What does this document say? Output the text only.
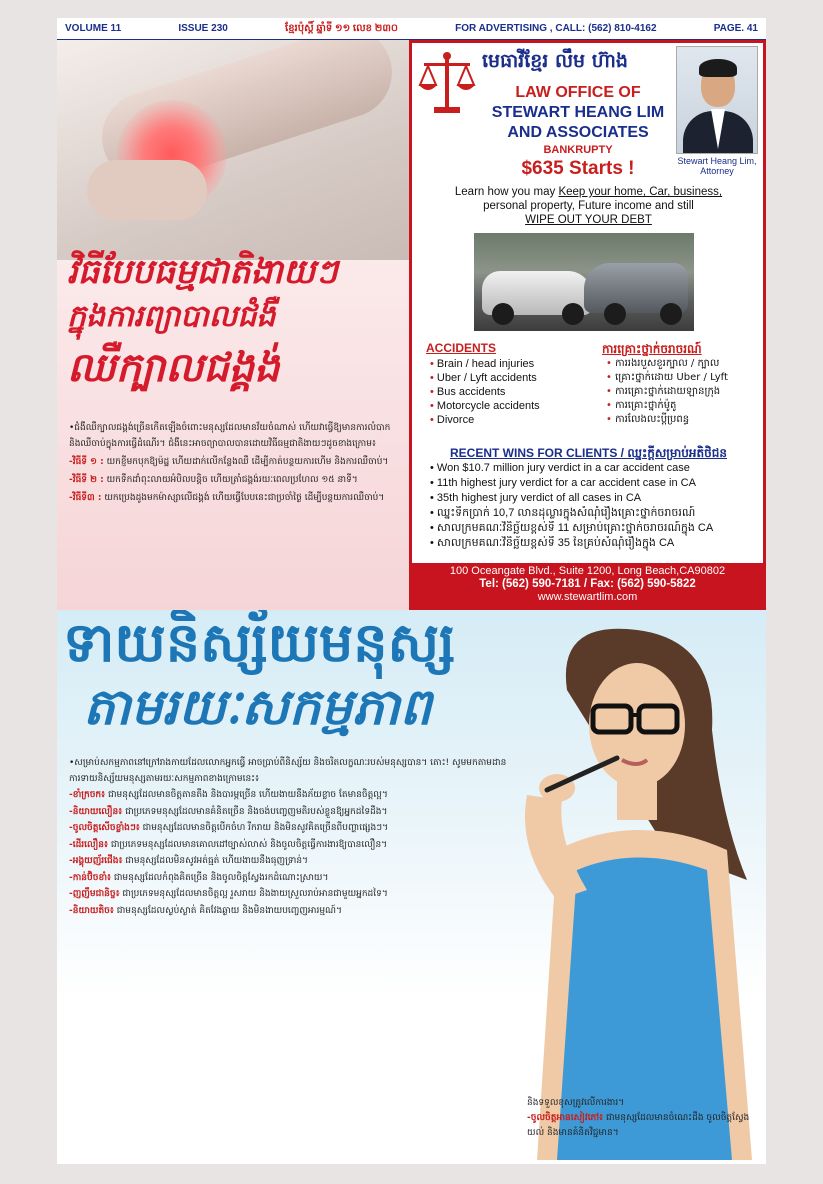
VOLUME 11	ISSUE 230	ខ្មែរប៉ុស្ដិ៍ ឆ្នាំទី ១១ លេខ ២៣០	FOR ADVERTISING , CALL: (562) 810-4162	PAGE. 41
វិធីបែបធម្មជាតិងាយៗ
ក្នុងការព្យាបាលជំងឺ
ឈឺក្បាលជង្គង់

•ជំងឺឈឺក្បាលជង្គង់ច្រើនកើតឡើងចំពោះមនុស្សដែលមានវ័យចំណាស់ ហើយវាធ្វើឱ្យមានការលំបាក និងឈឺចាប់ក្នុងការធ្វើដំណើរ។ ជំងឺនេះអាចព្យាបាលបានដោយវិធីធម្មជាតិងាយៗដូចខាងក្រោម៖

-វិធីទី ១ : យកខ្ញីមកបុកឱ្យម៉ដ្ឋ ហើយដាក់លើកន្លែងឈឺ ដើម្បីកាត់បន្ថយការហើម និងការឈឺចាប់។

-វិធីទី ២ : យកទឹកដាំពុះលាយអំបិលបន្តិច ហើយត្រាំជង្គង់រយៈពេលប្រហែល ១៥ នាទី។

-វិធីទី៣ : យកប្រេងដូងមកម៉ាស្សាលើជង្គង់ ហើយធ្វើបែបនេះជាប្រចាំថ្ងៃ ដើម្បីបន្ថយការឈឺចាប់។

មេធាវីខ្មែរ លឹម ហ៊ាង
LAW OFFICE OF
STEWART HEANG LIM
AND ASSOCIATES
BANKRUPTY
$635 Starts !	Stewart Heang Lim,
Attorney
Learn how you may Keep your home, Car, business,
personal property, Future income and still
WIPE OUT YOUR DEBT
ACCIDENTS
• Brain / head injuries
• Uber / Lyft accidents
• Bus accidents
• Motorcycle accidents
• Divorce
ការគ្រោះថ្នាក់ចរាចរណ៍
• ការរងរបួសខួរក្បាល / ក្បាល
• គ្រោះថ្នាក់ដោយ Uber / Lyft
• ការគ្រោះថ្នាក់ដោយឡានក្រុង
• ការគ្រោះថ្នាក់ម៉ូតូ
• ការលែងលះប្ដីប្រពន្ធ
RECENT WINS FOR CLIENTS / ឈ្នះក្ដីសម្រាប់អតិថិជន
• Won $10.7 million jury verdict in a car accident case
• 11th highest jury verdict for a car accident case in CA
• 35th highest jury verdict of all cases in CA
• ឈ្នះទឹកប្រាក់ 10,7 លានដុល្លារក្នុងសំណុំរឿងគ្រោះថ្នាក់ចរាចរណ៍
• សាលក្រមគណៈវិនិច្ឆ័យខ្ពស់ទី 11 សម្រាប់គ្រោះថ្នាក់ចរាចរណ៍ក្នុង CA
• សាលក្រមគណៈវិនិច្ឆ័យខ្ពស់ទី 35 នៃគ្រប់សំណុំរឿងក្នុង CA
100 Oceangate Blvd., Suite 1200, Long Beach,CA90802
Tel: (562) 590-7181 / Fax: (562) 590-5822
www.stewartlim.com
ទាយនិស្ស័យមនុស្ស
តាមរយៈសកម្មភាព

•សម្រាប់សកម្មភាពនៅក្រៅរាងកាយដែលលោកអ្នកធ្វើ អាចប្រាប់ពីនិស្ស័យ និងចរិតលក្ខណៈរបស់មនុស្សបាន។ តោះ! សូមមកតាមដានការទាយនិស្ស័យមនុស្សតាមរយៈសកម្មភាពខាងក្រោមនេះ៖

-ខាំក្រចក៖ ជាមនុស្សដែលមានចិត្តតានតឹង និងបារម្ភច្រើន ហើយងាយនឹងភ័យខ្លាច តែមានចិត្តល្អ។

-និយាយលឿន៖ ជាប្រភេទមនុស្សដែលមានគំនិតច្រើន និងចង់បញ្ចេញមតិរបស់ខ្លួនឱ្យអ្នកដទៃដឹង។

-ចូលចិត្តសើចខ្លាំងៗ៖ ជាមនុស្សដែលមានចិត្តបើកចំហ រីករាយ និងមិនសូវគិតច្រើនពីបញ្ហាផ្សេងៗ។

-ដើរលឿន៖ ជាប្រភេទមនុស្សដែលមានគោលដៅច្បាស់លាស់ និងចូលចិត្តធ្វើការងារឱ្យបានលឿន។

-អង្គុយញ័រជើង៖ ជាមនុស្សដែលមិនសូវអត់ធ្មត់ ហើយងាយនឹងធុញទ្រាន់។

-កាន់ប៊ិចខាំ៖ ជាមនុស្សដែលកំពុងគិតច្រើន និងចូលចិត្តស្វែងរកដំណោះស្រាយ។

-ញញឹមជានិច្ច៖ ជាប្រភេទមនុស្សដែលមានចិត្តល្អ រួសរាយ និងងាយស្រួលរាប់អានជាមួយអ្នកដទៃ។

-និយាយតិច៖ ជាមនុស្សដែលស្ងប់ស្ងាត់ គិតវែងឆ្ងាយ និងមិនងាយបញ្ចេញអារម្មណ៍។

និងទទួលខុសត្រូវលើការងារ។

-ចូលចិត្តអានសៀវភៅ៖ ជាមនុស្សដែលមានចំណេះដឹង ចូលចិត្តស្វែងយល់ និងមានគំនិតវិជ្ជមាន។
